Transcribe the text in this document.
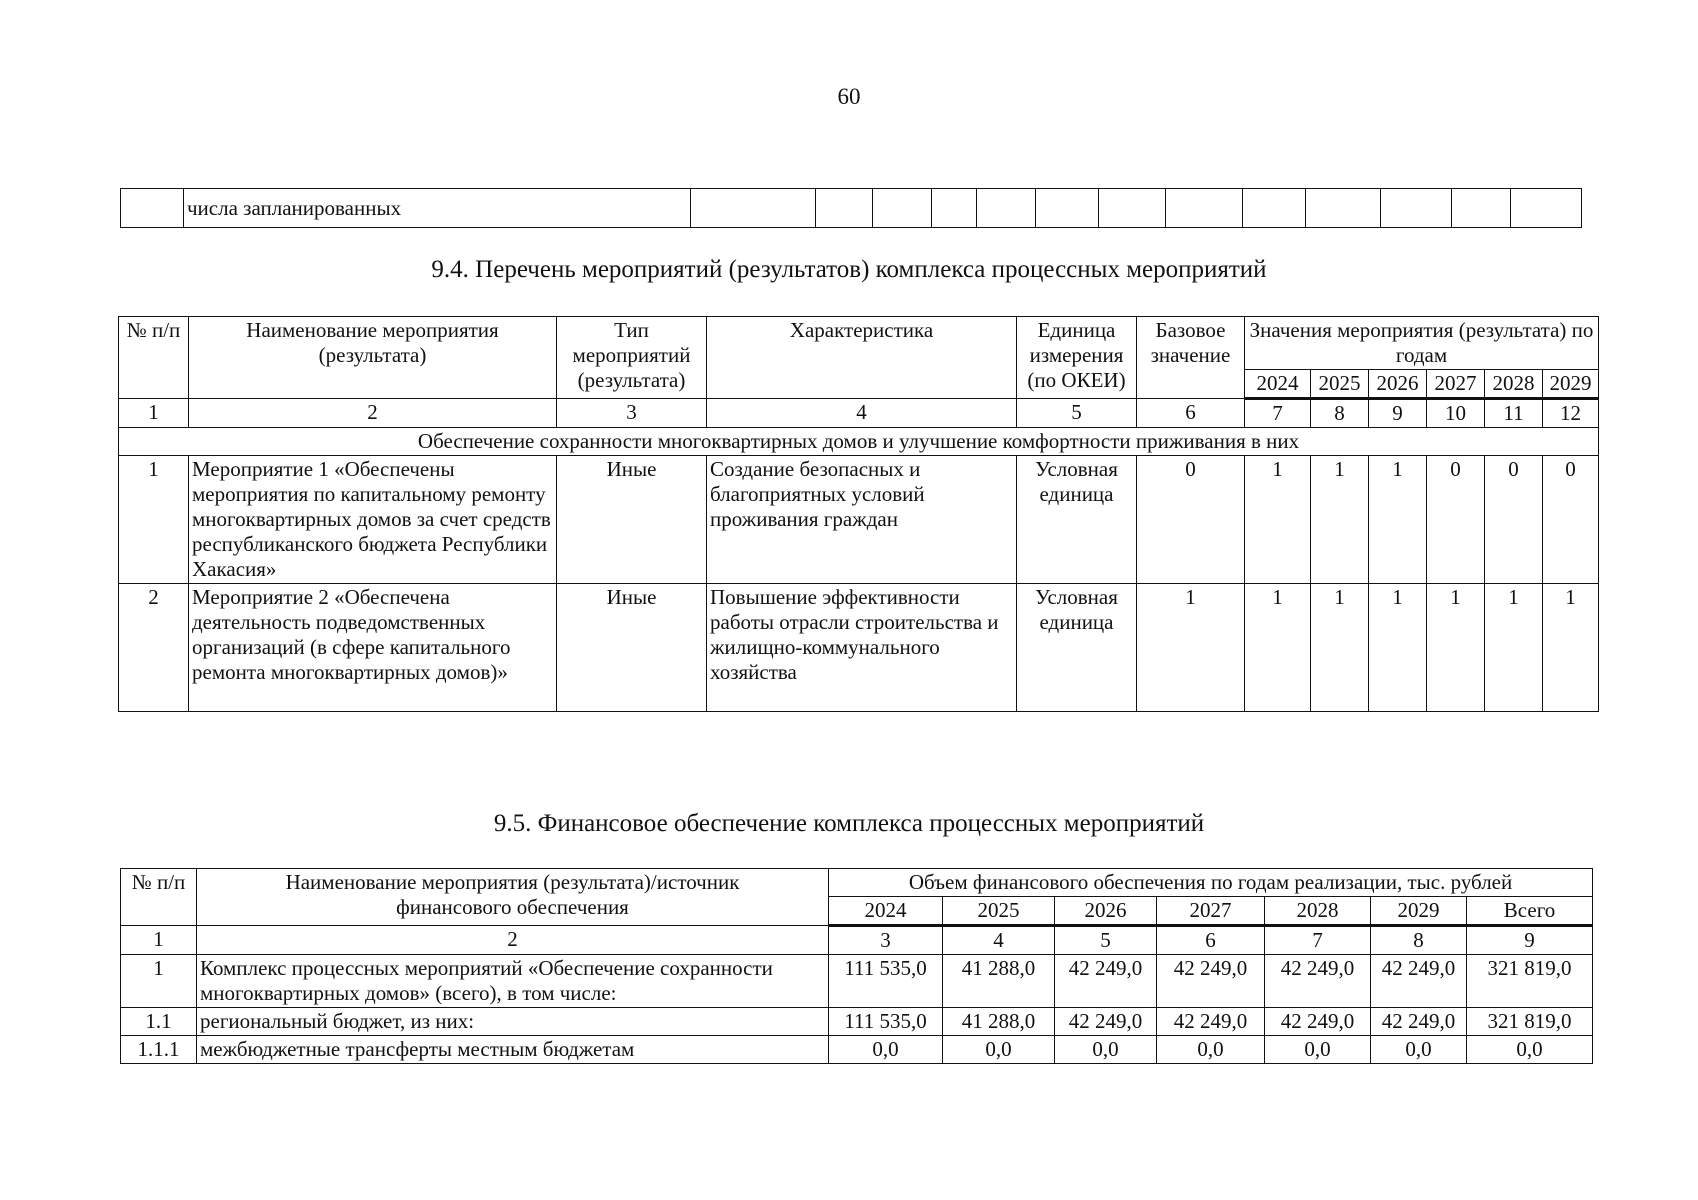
60
	числа запланированных													
9.4. Перечень мероприятий (результатов) комплекса процессных мероприятий
№ п/п	Наименование мероприятия (результата)	Тип мероприятий (результата)	Характеристика	Единица измерения (по ОКЕИ)	Базовое значение	Значения мероприятия (результата) по годам					
						2024	2025	2026	2027	2028	2029
1	2	3	4	5	6	7	8	9	10	11	12
Обеспечение сохранности многоквартирных домов и улучшение комфортности приживания в них											
1	Мероприятие 1 «Обеспечены мероприятия по капитальному ремонту многоквартирных домов за счет средств республиканского бюджета Республики Хакасия»	Иные	Создание безопасных и благоприятных условий проживания граждан	Условная единица	0	1	1	1	0	0	0
2	Мероприятие 2 «Обеспечена деятельность подведомственных организаций (в сфере капитального ремонта многоквартирных домов)»	Иные	Повышение эффективности работы отрасли строительства и жилищно-коммунального хозяйства	Условная единица	1	1	1	1	1	1	1
9.5. Финансовое обеспечение комплекса процессных мероприятий
№ п/п	Наименование мероприятия (результата)/источник финансового обеспечения	Объем финансового обеспечения по годам реализации, тыс. рублей						
		2024	2025	2026	2027	2028	2029	Всего
1	2	3	4	5	6	7	8	9
1	Комплекс процессных мероприятий «Обеспечение сохранности многоквартирных домов» (всего), в том числе:	111 535,0	41 288,0	42 249,0	42 249,0	42 249,0	42 249,0	321 819,0
1.1	региональный бюджет, из них:	111 535,0	41 288,0	42 249,0	42 249,0	42 249,0	42 249,0	321 819,0
1.1.1	межбюджетные трансферты местным бюджетам	0,0	0,0	0,0	0,0	0,0	0,0	0,0
